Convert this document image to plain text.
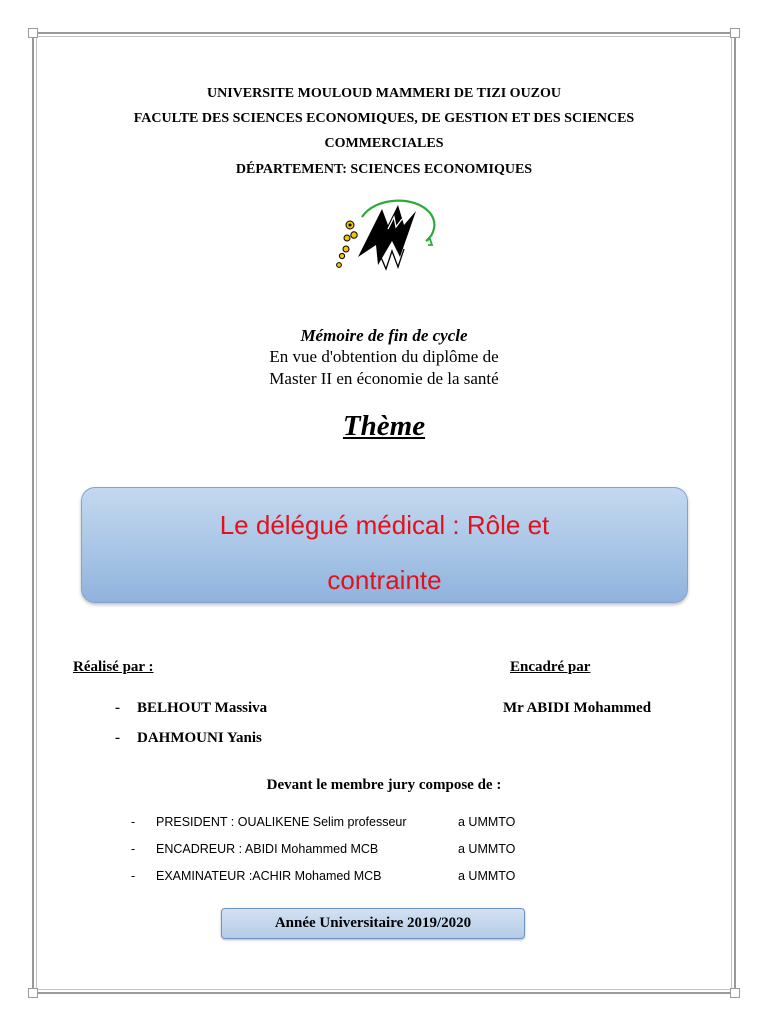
UNIVERSITE MOULOUD MAMMERI DE TIZI OUZOU
FACULTE DES SCIENCES ECONOMIQUES, DE GESTION ET DES SCIENCES
COMMERCIALES
DÉPARTEMENT: SCIENCES ECONOMIQUES
Mémoire de fin de cycle
En vue d'obtention du diplôme de
Master II en économie de la santé
Thème
Le délégué médical : Rôle et
contrainte
Réalisé par :	Encadré par
- BELHOUT Massiva
- DAHMOUNI Yanis
Mr ABIDI Mohammed
Devant le membre jury compose de :
- PRESIDENT : OUALIKENE Selim professeur	a UMMTO
- ENCADREUR : ABIDI Mohammed MCB	a UMMTO
- EXAMINATEUR :ACHIR Mohamed MCB	a UMMTO
Année Universitaire 2019/2020
